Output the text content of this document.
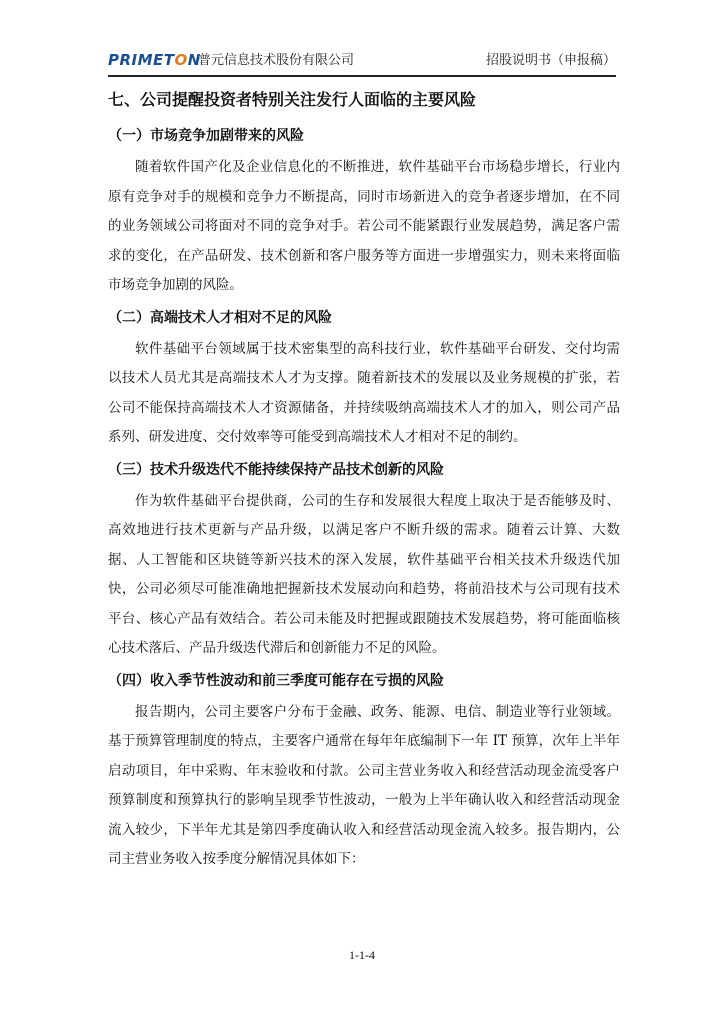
PRIMETON
普元信息技术股份有限公司	招股说明书（申报稿）
七、公司提醒投资者特别关注发行人面临的主要风险
（一）市场竞争加剧带来的风险

随着软件国产化及企业信息化的不断推进，软件基础平台市场稳步增长，行业内原有竞争对手的规模和竞争力不断提高，同时市场新进入的竞争者逐步增加，在不同的业务领域公司将面对不同的竞争对手。若公司不能紧跟行业发展趋势，满足客户需求的变化，在产品研发、技术创新和客户服务等方面进一步增强实力，则未来将面临市场竞争加剧的风险。

（二）高端技术人才相对不足的风险

软件基础平台领域属于技术密集型的高科技行业，软件基础平台研发、交付均需以技术人员尤其是高端技术人才为支撑。随着新技术的发展以及业务规模的扩张，若公司不能保持高端技术人才资源储备，并持续吸纳高端技术人才的加入，则公司产品系列、研发进度、交付效率等可能受到高端技术人才相对不足的制约。

（三）技术升级迭代不能持续保持产品技术创新的风险

作为软件基础平台提供商，公司的生存和发展很大程度上取决于是否能够及时、高效地进行技术更新与产品升级，以满足客户不断升级的需求。随着云计算、大数据、人工智能和区块链等新兴技术的深入发展，软件基础平台相关技术升级迭代加快，公司必须尽可能准确地把握新技术发展动向和趋势，将前沿技术与公司现有技术平台、核心产品有效结合。若公司未能及时把握或跟随技术发展趋势，将可能面临核心技术落后、产品升级迭代滞后和创新能力不足的风险。

（四）收入季节性波动和前三季度可能存在亏损的风险

报告期内，公司主要客户分布于金融、政务、能源、电信、制造业等行业领域。基于预算管理制度的特点，主要客户通常在每年年底编制下一年 IT 预算，次年上半年启动项目，年中采购、年末验收和付款。公司主营业务收入和经营活动现金流受客户预算制度和预算执行的影响呈现季节性波动，一般为上半年确认收入和经营活动现金流入较少，下半年尤其是第四季度确认收入和经营活动现金流入较多。报告期内，公司主营业务收入按季度分解情况具体如下：

1-1-4
